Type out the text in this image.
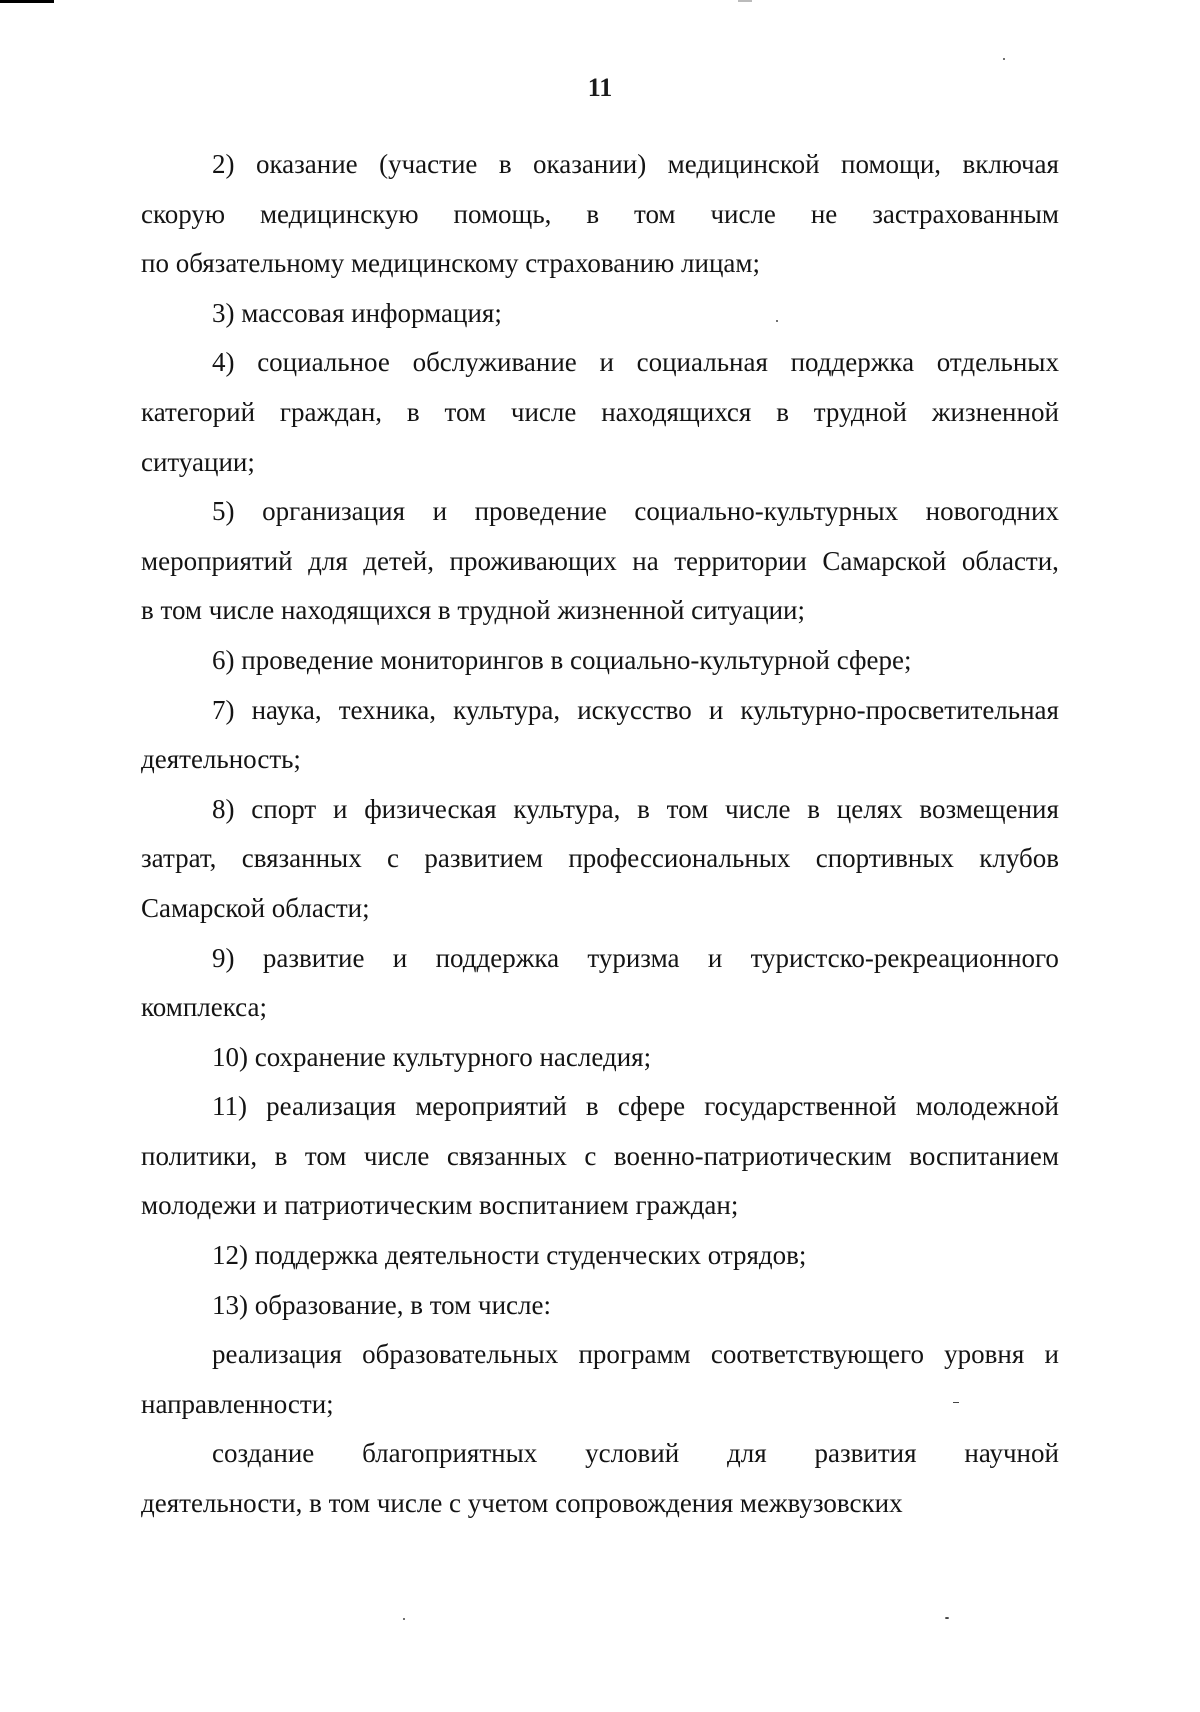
11
2) оказание (участие в оказании) медицинской помощи, включая
скорую медицинскую помощь, в том числе не застрахованным
по обязательному медицинскому страхованию лицам;
3) массовая информация;
4) социальное обслуживание и социальная поддержка отдельных
категорий граждан, в том числе находящихся в трудной жизненной
ситуации;
5) организация и проведение социально-культурных новогодних
мероприятий для детей, проживающих на территории Самарской области,
в том числе находящихся в трудной жизненной ситуации;
6) проведение мониторингов в социально-культурной сфере;
7) наука, техника, культура, искусство и культурно-просветительная
деятельность;
8) спорт и физическая культура, в том числе в целях возмещения
затрат, связанных с развитием профессиональных спортивных клубов
Самарской области;
9) развитие и поддержка туризма и туристско-рекреационного
комплекса;
10) сохранение культурного наследия;
11) реализация мероприятий в сфере государственной молодежной
политики, в том числе связанных с военно-патриотическим воспитанием
молодежи и патриотическим воспитанием граждан;
12) поддержка деятельности студенческих отрядов;
13) образование, в том числе:
реализация образовательных программ соответствующего уровня и
направленности;
создание благоприятных условий для развития научной
деятельности, в том числе с учетом сопровождения межвузовских
